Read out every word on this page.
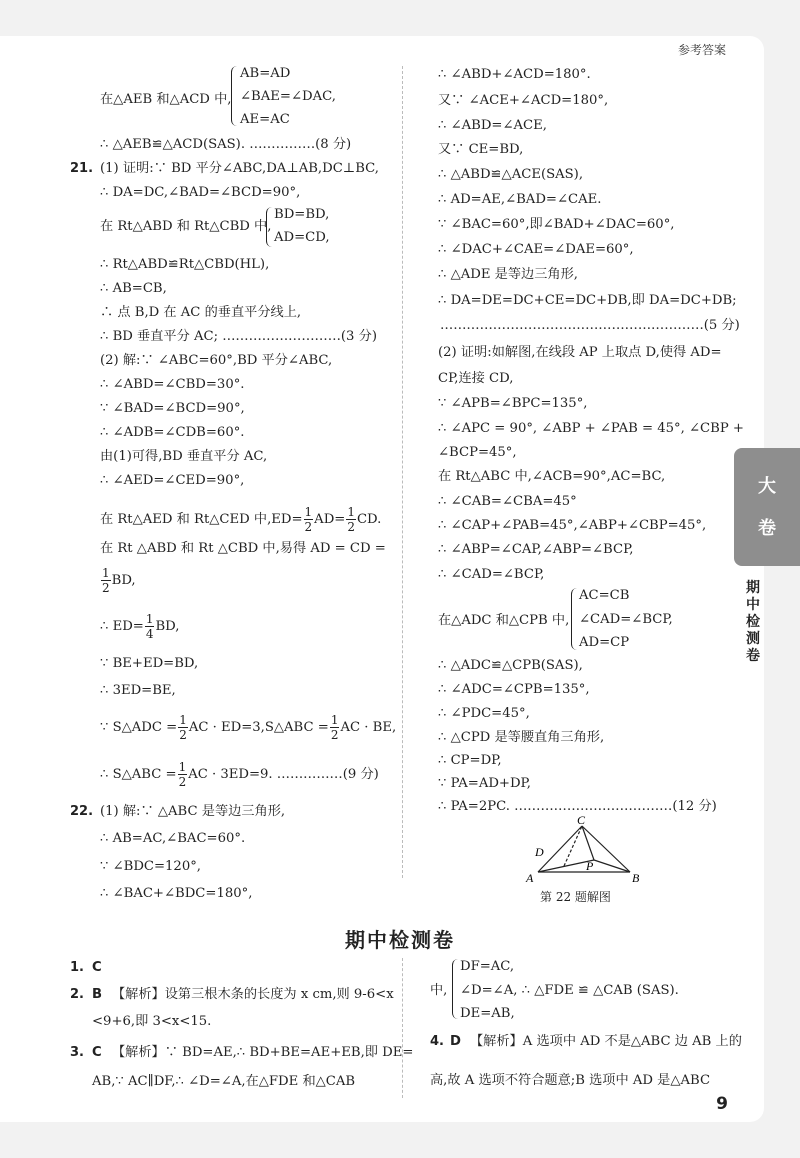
参考答案
在△AEB 和△ACD 中,
AB=AD
∠BAE=∠DAC,
AE=AC
∴ △AEB≌△ACD(SAS). ……………(8 分)
21. (1) 证明:∵ BD 平分∠ABC,DA⊥AB,DC⊥BC,
∴ DA=DC,∠BAD=∠BCD=90°,
在 Rt△ABD 和 Rt△CBD 中,
BD=BD,
AD=CD,
∴ Rt△ABD≌Rt△CBD(HL),
∴ AB=CB,
∴ 点 B,D 在 AC 的垂直平分线上,
∴ BD 垂直平分 AC; ………………………(3 分)
(2) 解:∵ ∠ABC=60°,BD 平分∠ABC,
∴ ∠ABD=∠CBD=30°.
∵ ∠BAD=∠BCD=90°,
∴ ∠ADB=∠CDB=60°.
由(1)可得,BD 垂直平分 AC,
∴ ∠AED=∠CED=90°,
在 Rt△AED 和 Rt△CED 中$,ED= \frac{1}{2} AD= \frac{1}{2}$ CD.
在 Rt △ABD 和 Rt △CBD 中,易得 AD = CD =
$\frac{1}{2}$ BD,
∴ $ED= \frac{1}{4}$ BD,
∵ BE+ED=BD,
∴ 3ED=BE,
∵ S△ADC = $\frac{1}{2}$ AC · ED=3,S△ABC = $\frac{1}{2}$ AC · BE,
∴ S△ABC = $\frac{1}{2}$ AC · 3ED=9. ……………(9 分)
22. (1) 解:∵ △ABC 是等边三角形,
∴ AB=AC,∠BAC=60°.
∵ ∠BDC=120°,
∴ ∠BAC+∠BDC=180°,
∴ ∠ABD+∠ACD=180°.
又∵ ∠ACE+∠ACD=180°,
∴ ∠ABD=∠ACE,
又∵ CE=BD,
∴ △ABD≌△ACE(SAS),
∴ AD=AE,∠BAD=∠CAE.
∵ ∠BAC=60°,即∠BAD+∠DAC=60°,
∴ ∠DAC+∠CAE=∠DAE=60°,
∴ △ADE 是等边三角形,
∴ DA=DE=DC+CE=DC+DB,即 DA=DC+DB;
……………………………………………………(5 分)
(2) 证明:如解图,在线段 AP 上取点 D,使得 AD=
CP,连接 CD,
∵ ∠APB=∠BPC=135°,
∴ ∠APC = 90°, ∠ABP + ∠PAB = 45°, ∠CBP +
∠BCP=45°,
在 Rt△ABC 中,∠ACB=90°,AC=BC,
∴ ∠CAB=∠CBA=45°
∴ ∠CAP+∠PAB=45°,∠ABP+∠CBP=45°,
∴ ∠ABP=∠CAP,∠ABP=∠BCP,
∴ ∠CAD=∠BCP,
在△ADC 和△CPB 中,
AC=CB
∠CAD=∠BCP,
AD=CP
∴ △ADC≌△CPB(SAS),
∴ ∠ADC=∠CPB=135°,
∴ ∠PDC=45°,
∴ △CPD 是等腰直角三角形,
∴ CP=DP,
∵ PA=AD+DP,
∴ PA=2PC. ………………………………(12 分)
C
A	B
D
P
第 22 题解图
期中检测卷
1. C
2. B 【解析】设第三根木条的长度为 x cm,则 9-6<x
<9+6,即 3<x<15.
3. C 【解析】∵ BD=AE,∴ BD+BE=AE+EB,即 DE=
AB,∵ AC∥DF,∴ ∠D=∠A,在△FDE 和△CAB
DF=AC,
中, ∠D=∠A, ∴ △FDE ≌ △CAB (SAS).
DE=AB,
4. D 【解析】A 选项中 AD 不是△ABC 边 AB 上的
高,故 A 选项不符合题意;B 选项中 AD 是△ABC
大
卷
期
中
检
测
卷
9
